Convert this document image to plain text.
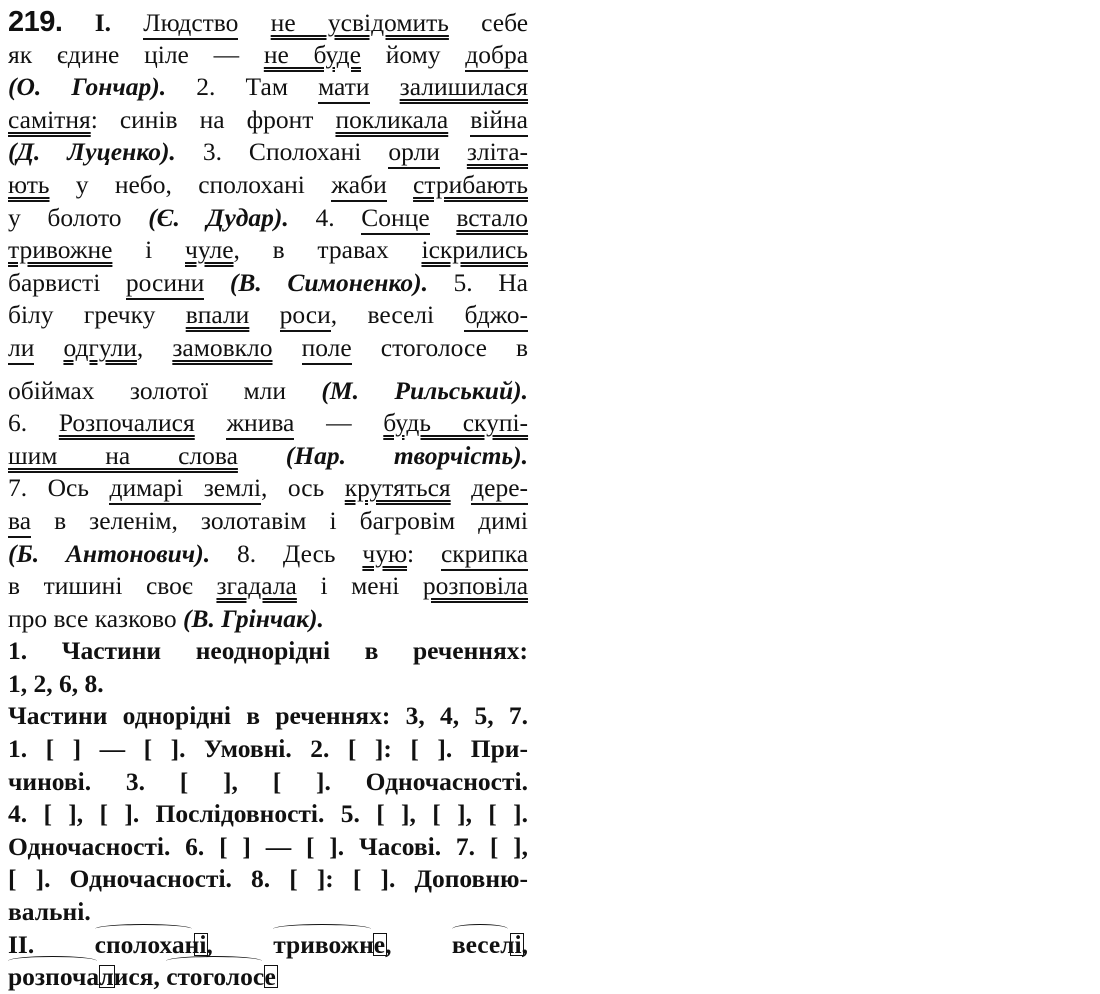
219. I. Людство не усвідомить себе
як єдине ціле — не буде йому добра
(О. Гончар). 2. Там мати залишилася
самітня: синів на фронт покликала війна
(Д. Луценко). 3. Сполохані орли зліта-
ють у небо, сполохані жаби стрибають
у болото (Є. Дудар). 4. Сонце встало
тривожне і чуле, в травах іскрились
барвисті росини (В. Симоненко). 5. На
білу гречку впали роси, веселі бджо-
ли одгули, замовкло поле стоголосе в
обіймах золотої мли (М. Рильський).
6. Розпочалися жнива — будь скупі-
шим на слова (Нар. творчість).
7. Ось димарі землі, ось крутяться дере-
ва в зеленім, золотавім і багровім димі
(Б. Антонович). 8. Десь чую: скрипка
в тишині своє згадала і мені розповіла
про все казково (В. Грінчак).
1. Частини неоднорідні в реченнях:
1, 2, 6, 8.
Частини однорідні в реченнях: 3, 4, 5, 7.
1. [ ] — [ ]. Умовні. 2. [ ]: [ ]. При-
чинові. 3. [ ], [ ]. Одночасності.
4. [ ], [ ]. Послідовності. 5. [ ], [ ], [ ].
Одночасності. 6. [ ] — [ ]. Часові. 7. [ ],
[ ]. Одночасності. 8. [ ]: [ ]. Доповню-
вальні.
II. сполохані
, тривожне
, веселі
,
розпочалися
, стоголосе
